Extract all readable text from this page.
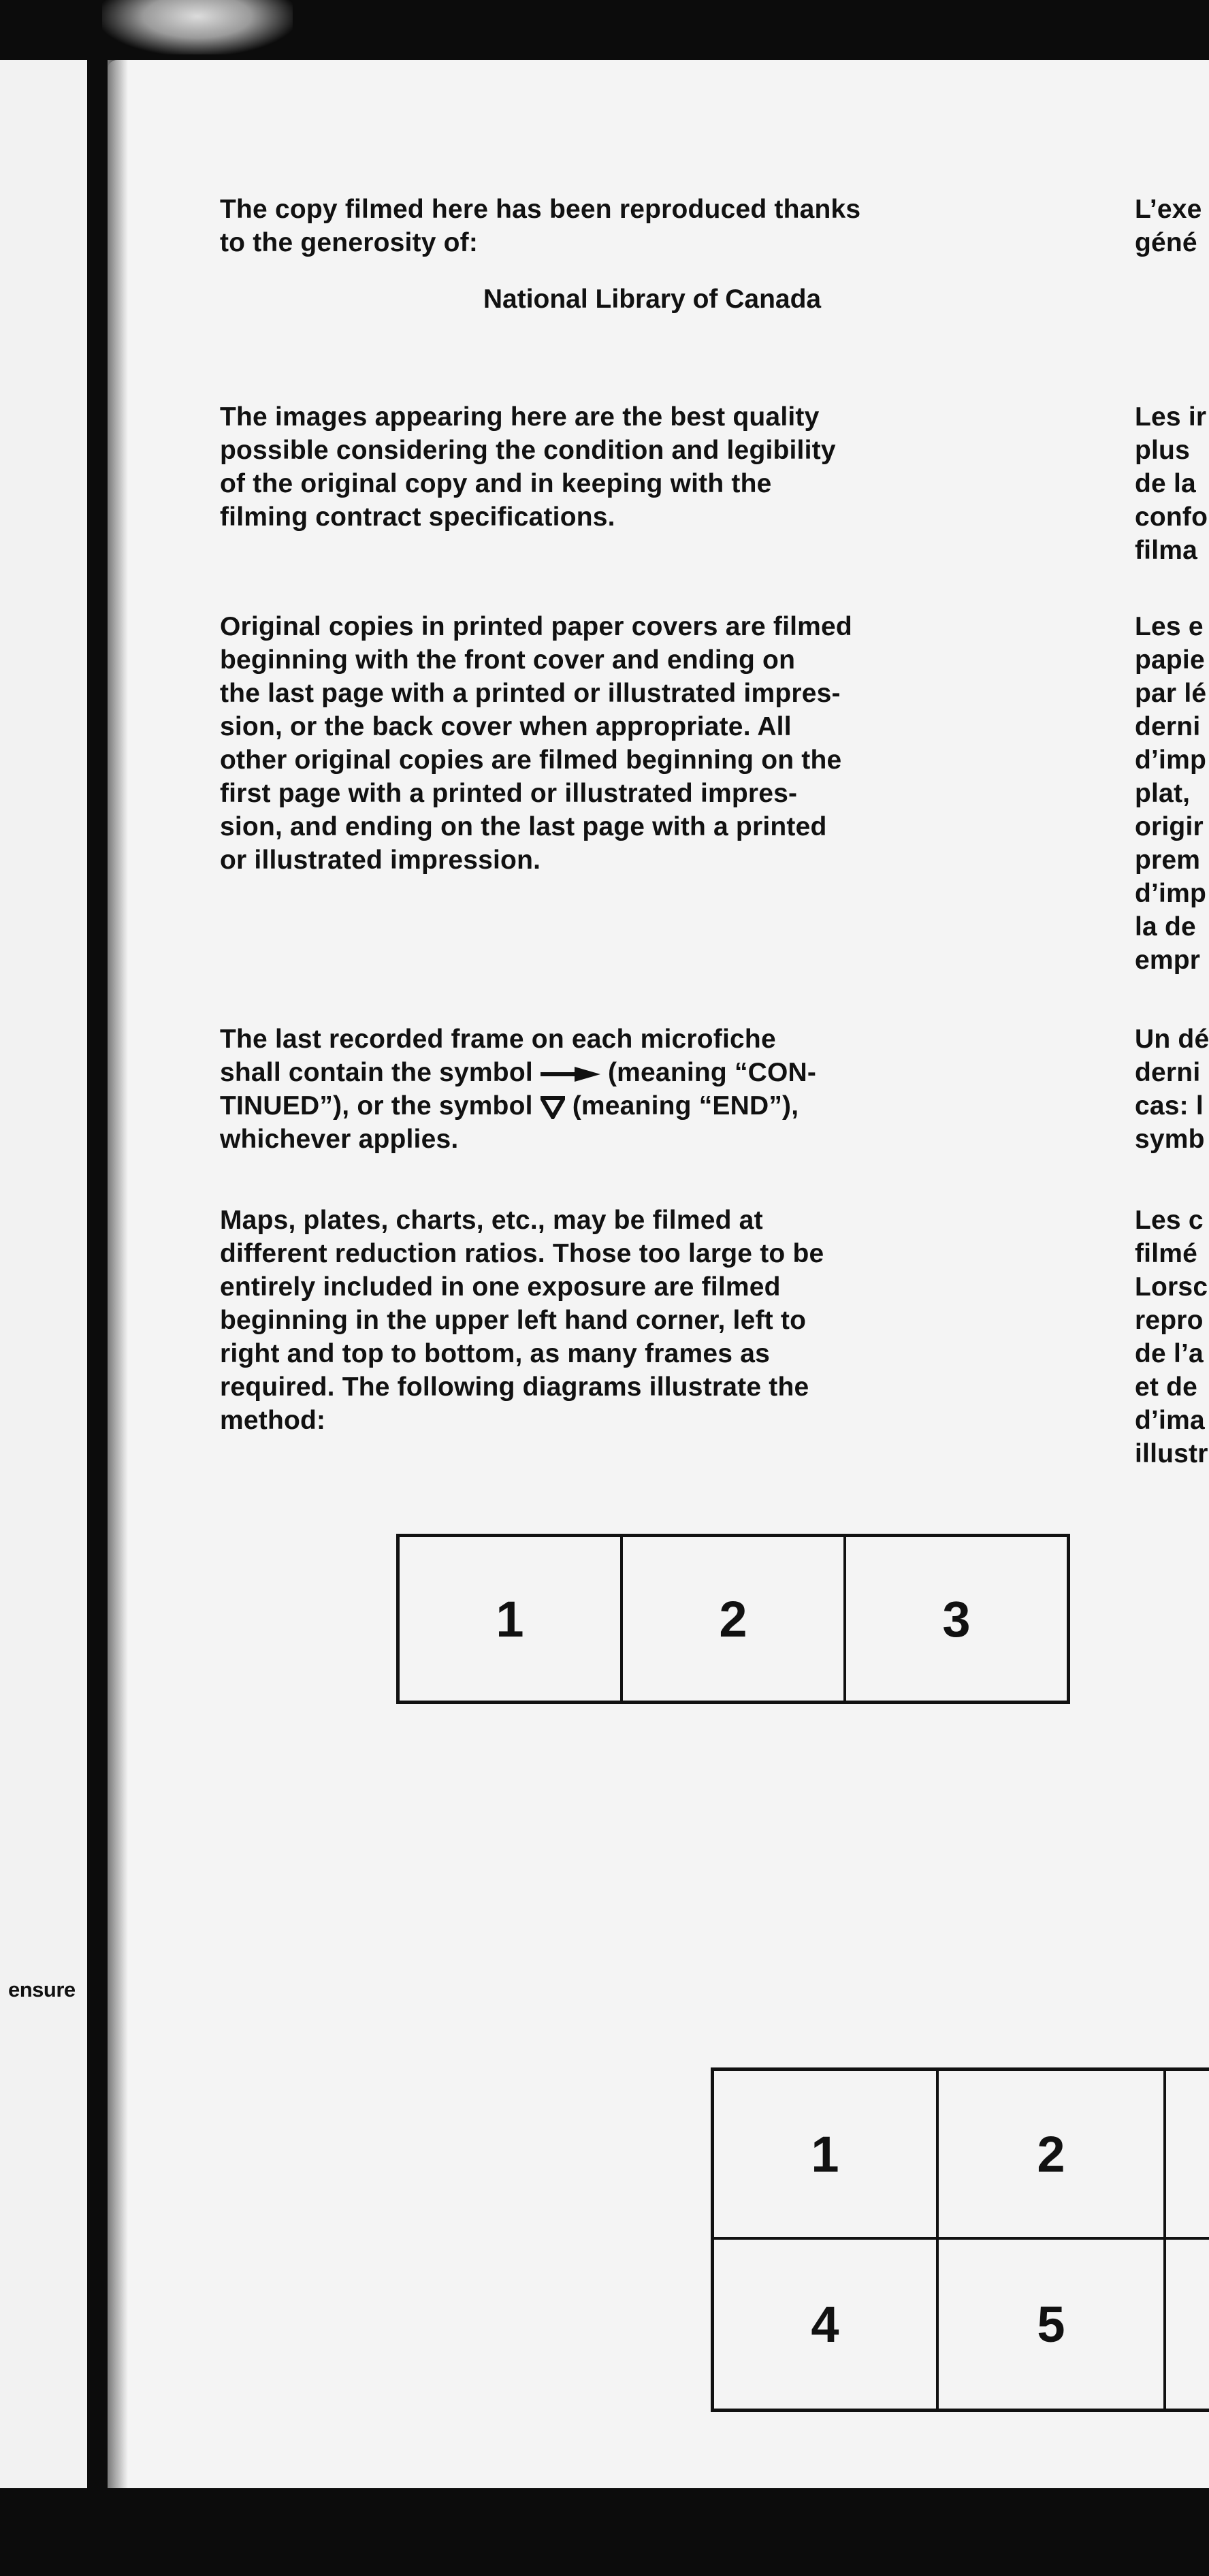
ensure

The copy filmed here has been reproduced thanks
to the generosity of:

National Library of Canada

The images appearing here are the best quality
possible considering the condition and legibility
of the original copy and in keeping with the
filming contract specifications.

Original copies in printed paper covers are filmed
beginning with the front cover and ending on
the last page with a printed or illustrated impres-
sion, or the back cover when appropriate. All
other original copies are filmed beginning on the
first page with a printed or illustrated impres-
sion, and ending on the last page with a printed
or illustrated impression.

The last recorded frame on each microfiche
shall contain the symbol  (meaning “CON-
TINUED”), or the symbol  (meaning “END”),
whichever applies.

Maps, plates, charts, etc., may be filmed at
different reduction ratios. Those too large to be
entirely included in one exposure are filmed
beginning in the upper left hand corner, left to
right and top to bottom, as many frames as
required. The following diagrams illustrate the
method:

L’exe
géné

Les ir
plus
de la
confo
filma

Les e
papie
par lé
derni
d’imp
plat,
origir
prem
d’imp
la de
empr

Un dé
derni
cas: l
symb

Les c
filmé
Lorsc
repro
de l’a
et de
d’ima
illustr

1	2	3
1	2
4	5
